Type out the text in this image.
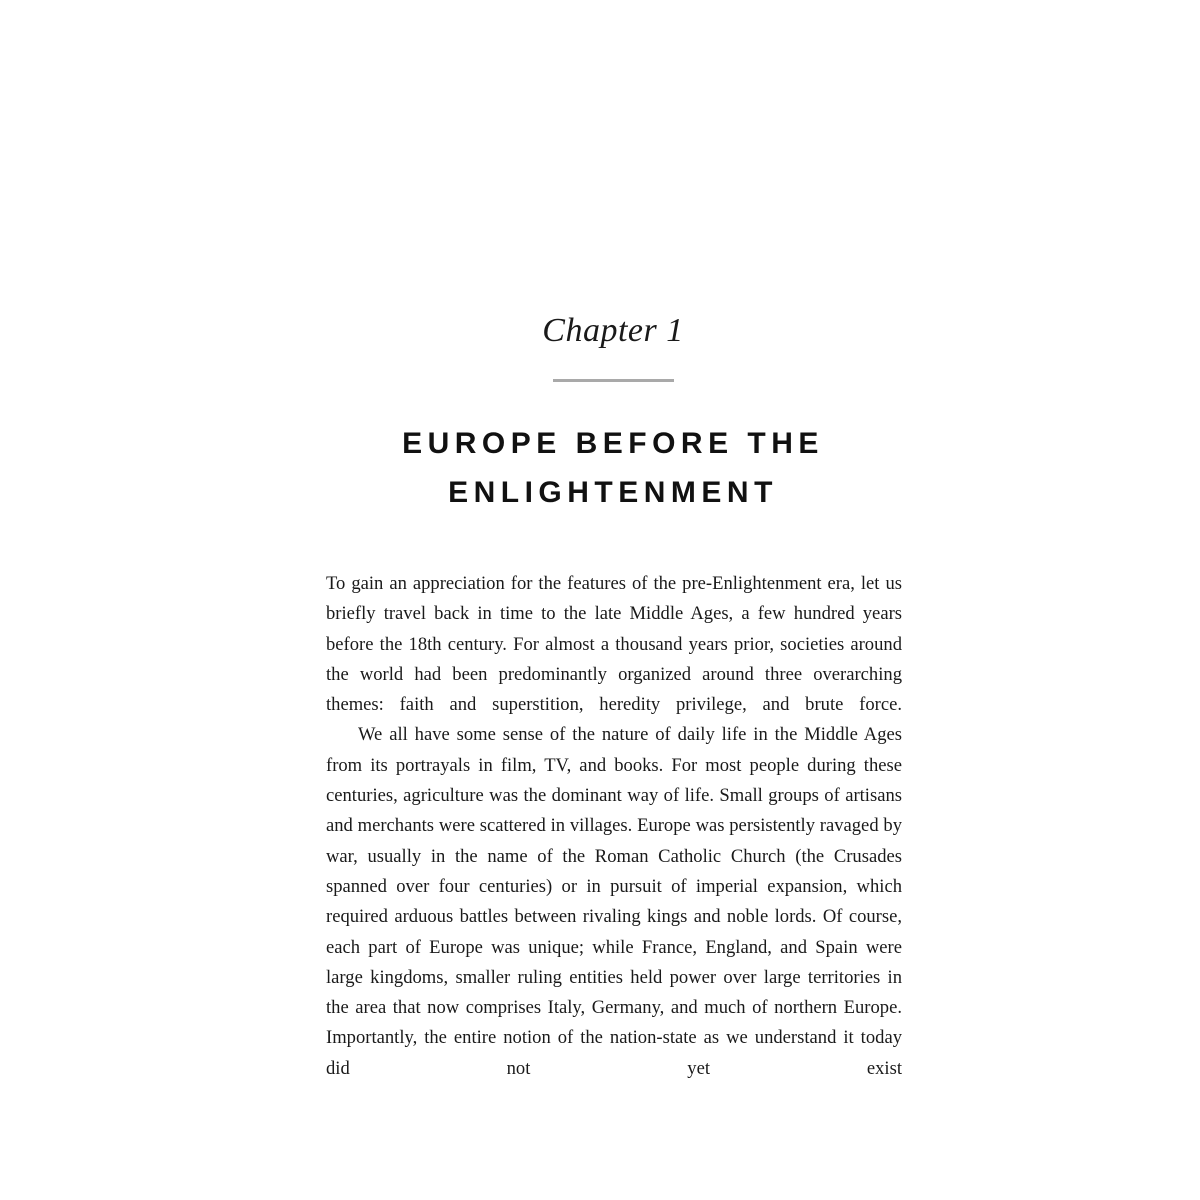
Chapter 1
EUROPE BEFORE THE ENLIGHTENMENT

To gain an appreciation for the features of the pre-Enlightenment era, let us briefly travel back in time to the late Middle Ages, a few hundred years before the 18th century. For almost a thousand years prior, societies around the world had been predominantly organized around three overarching themes: faith and superstition, heredity privilege, and brute force.

We all have some sense of the nature of daily life in the Middle Ages from its portrayals in film, TV, and books. For most people during these centuries, agriculture was the dominant way of life. Small groups of artisans and merchants were scattered in villages. Europe was persistently ravaged by war, usually in the name of the Roman Catholic Church (the Crusades spanned over four centuries) or in pursuit of imperial expansion, which required arduous battles between rivaling kings and noble lords. Of course, each part of Europe was unique; while France, England, and Spain were large kingdoms, smaller ruling entities held power over large territories in the area that now comprises Italy, Germany, and much of northern Europe. Importantly, the entire notion of the nation-state as we understand it today did not yet exist
